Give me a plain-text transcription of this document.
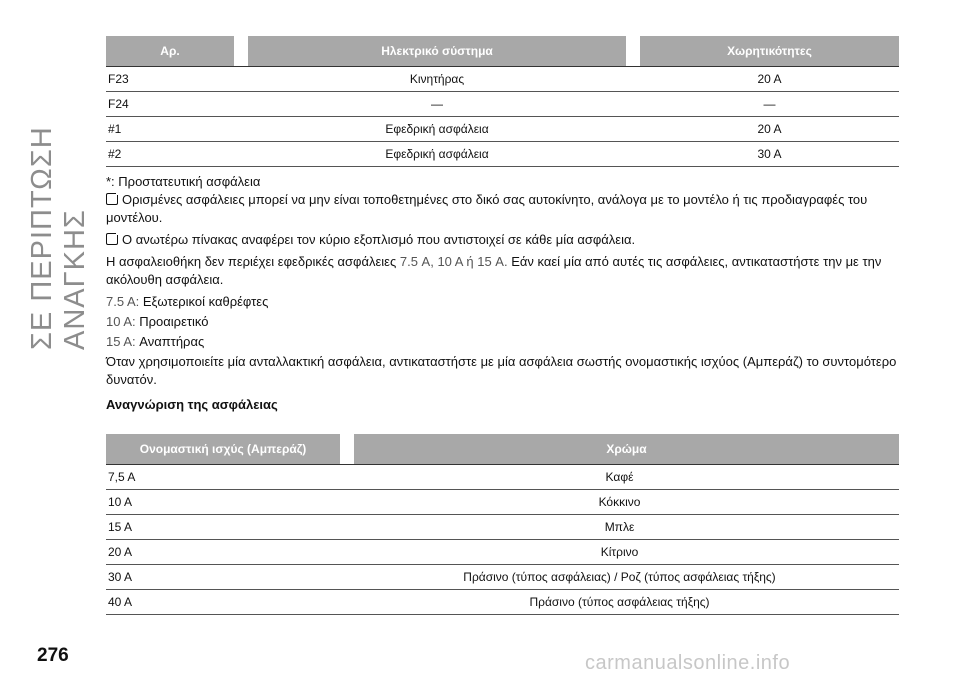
ΣΕ ΠΕΡΙΠΤΩΣΗ ΑΝΑΓΚΗΣ
Αρ.		Ηλεκτρικό σύστημα		Χωρητικότητες
F23	Κινητήρας			20 A
F24	—			—
#1	Εφεδρική ασφάλεια			20 A
#2	Εφεδρική ασφάλεια			30 A

*: Προστατευτική ασφάλεια

Ορισμένες ασφάλειες μπορεί να μην είναι τοποθετημένες στο δικό σας αυτοκίνητο, ανάλογα με το μοντέλο ή τις προδιαγραφές του μοντέλου.

Ο ανωτέρω πίνακας αναφέρει τον κύριο εξοπλισμό που αντιστοιχεί σε κάθε μία ασφάλεια.

Η ασφαλειοθήκη δεν περιέχει εφεδρικές ασφάλειες 7.5 A, 10 A ή 15 A. Εάν καεί μία από αυτές τις ασφάλειες, αντικαταστήστε την με την ακόλουθη ασφάλεια.

7.5 A: Εξωτερικοί καθρέφτες

10 A: Προαιρετικό

15 A: Αναπτήρας

Όταν χρησιμοποιείτε μία ανταλλακτική ασφάλεια, αντικαταστήστε με μία ασφάλεια σωστής ονομαστικής ισχύος (Αμπεράζ) το συντομότερο δυνατόν.

Αναγνώριση της ασφάλειας
Ονομαστική ισχύς (Αμπεράζ)		Χρώμα
7,5 A	Καφέ	
10 A	Κόκκινο	
15 A	Μπλε	
20 A	Κίτρινο	
30 A	Πράσινο (τύπος ασφάλειας) / Ροζ (τύπος ασφάλειας τήξης)	
40 A	Πράσινο (τύπος ασφάλειας τήξης)	
276	carmanualsonline.info
